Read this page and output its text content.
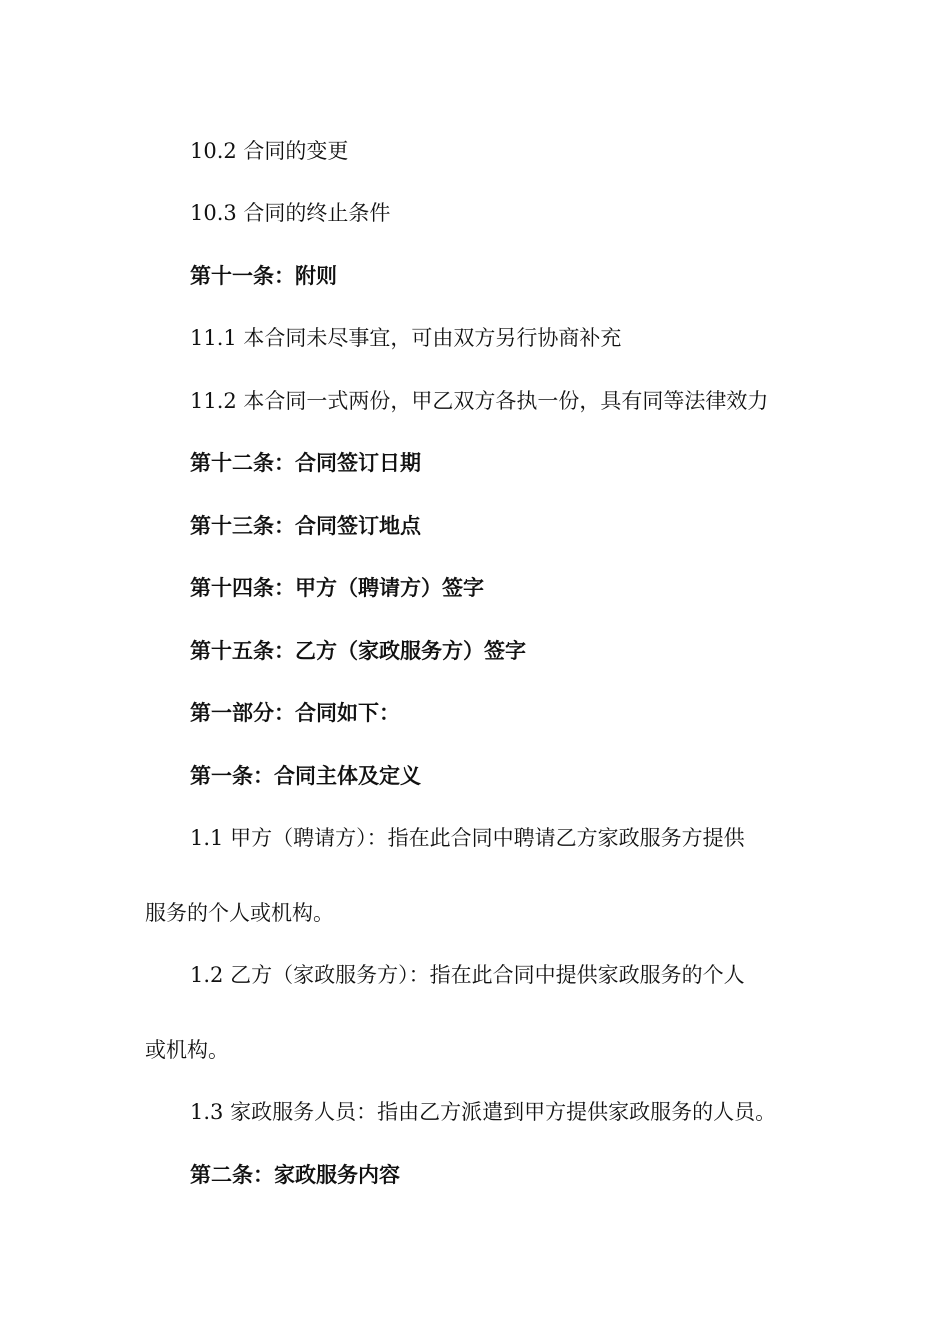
10.2 合同的变更

10.3 合同的终止条件

第十一条：附则

11.1 本合同未尽事宜，可由双方另行协商补充

11.2 本合同一式两份，甲乙双方各执一份，具有同等法律效力

第十二条：合同签订日期

第十三条：合同签订地点

第十四条：甲方（聘请方）签字

第十五条：乙方（家政服务方）签字

第一部分：合同如下：

第一条：合同主体及定义

1.1 甲方（聘请方）：指在此合同中聘请乙方家政服务方提供

服务的个人或机构。

1.2 乙方（家政服务方）：指在此合同中提供家政服务的个人

或机构。

1.3 家政服务人员：指由乙方派遣到甲方提供家政服务的人员。

第二条：家政服务内容
